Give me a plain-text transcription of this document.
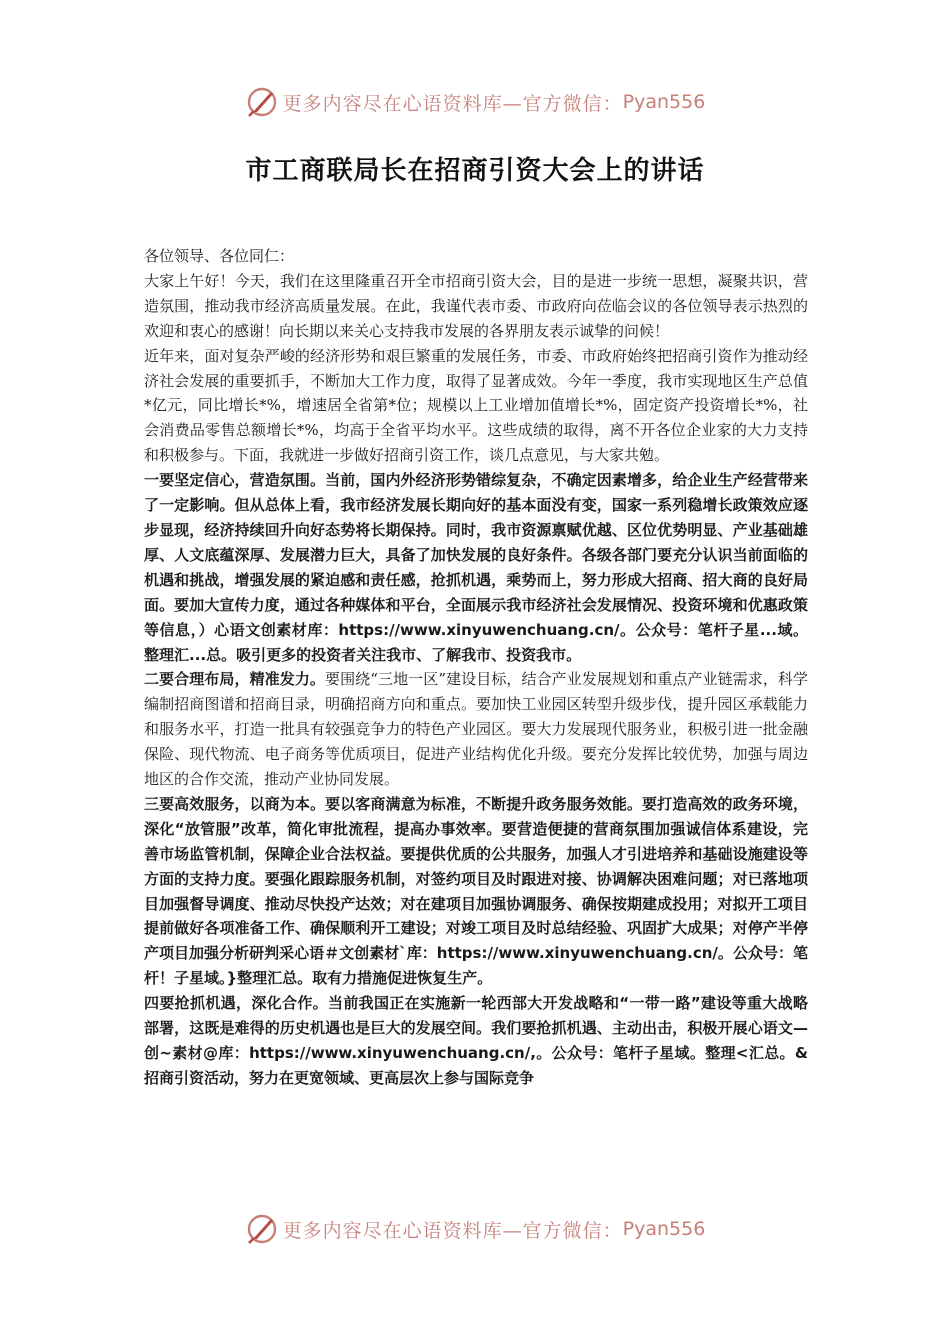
更多内容尽在心语资料库—官方微信： Pyan556
市工商联局长在招商引资大会上的讲话

各位领导、各位同仁：

大家上午好！今天，我们在这里隆重召开全市招商引资大会，目的是进一步统一思想，凝聚共识，营造氛围，推动我市经济高质量发展。在此，我谨代表市委、市政府向莅临会议的各位领导表示热烈的欢迎和衷心的感谢！向长期以来关心支持我市发展的各界朋友表示诚挚的问候！

近年来，面对复杂严峻的经济形势和艰巨繁重的发展任务，市委、市政府始终把招商引资作为推动经济社会发展的重要抓手，不断加大工作力度，取得了显著成效。今年一季度，我市实现地区生产总值*亿元，同比增长*%，增速居全省第*位；规模以上工业增加值增长*%，固定资产投资增长*%，社会消费品零售总额增长*%，均高于全省平均水平。这些成绩的取得，离不开各位企业家的大力支持和积极参与。下面，我就进一步做好招商引资工作，谈几点意见，与大家共勉。

一要坚定信心，营造氛围。当前，国内外经济形势错综复杂，不确定因素增多，给企业生产经营带来了一定影响。但从总体上看，我市经济发展长期向好的基本面没有变，国家一系列稳增长政策效应逐步显现，经济持续回升向好态势将长期保持。同时，我市资源禀赋优越、区位优势明显、产业基础雄厚、人文底蕴深厚、发展潜力巨大，具备了加快发展的良好条件。各级各部门要充分认识当前面临的机遇和挑战，增强发展的紧迫感和责任感，抢抓机遇，乘势而上，努力形成大招商、招大商的良好局面。要加大宣传力度，通过各种媒体和平台，全面展示我市经济社会发展情况、投资环境和优惠政策等信息，）心语文创素材库：https://www.xinyuwenchuang.cn/。公众号：笔杆子星...域。整理汇...总。吸引更多的投资者关注我市、了解我市、投资我市。

二要合理布局，精准发力。要围绕“三地一区”建设目标，结合产业发展规划和重点产业链需求，科学编制招商图谱和招商目录，明确招商方向和重点。要加快工业园区转型升级步伐，提升园区承载能力和服务水平，打造一批具有较强竞争力的特色产业园区。要大力发展现代服务业，积极引进一批金融保险、现代物流、电子商务等优质项目，促进产业结构优化升级。要充分发挥比较优势，加强与周边地区的合作交流，推动产业协同发展。

三要高效服务，以商为本。要以客商满意为标准，不断提升政务服务效能。要打造高效的政务环境，深化“放管服”改革，简化审批流程，提高办事效率。要营造便捷的营商氛围加强诚信体系建设，完善市场监管机制，保障企业合法权益。要提供优质的公共服务，加强人才引进培养和基础设施建设等方面的支持力度。要强化跟踪服务机制，对签约项目及时跟进对接、协调解决困难问题；对已落地项目加强督导调度、推动尽快投产达效；对在建项目加强协调服务、确保按期建成投用；对拟开工项目提前做好各项准备工作、确保顺利开工建设；对竣工项目及时总结经验、巩固扩大成果；对停产半停产项目加强分析研判采心语＃文创素材`库：https://www.xinyuwenchuang.cn/。公众号：笔杆！子星域。}整理汇总。取有力措施促进恢复生产。

四要抢抓机遇，深化合作。当前我国正在实施新一轮西部大开发战略和“一带一路”建设等重大战略部署，这既是难得的历史机遇也是巨大的发展空间。我们要抢抓机遇、主动出击，积极开展心语文—创~素材@库：https://www.xinyuwenchuang.cn/,。公众号：笔杆子星域。整理<汇总。&招商引资活动，努力在更宽领域、更高层次上参与国际竞争

更多内容尽在心语资料库—官方微信： Pyan556
